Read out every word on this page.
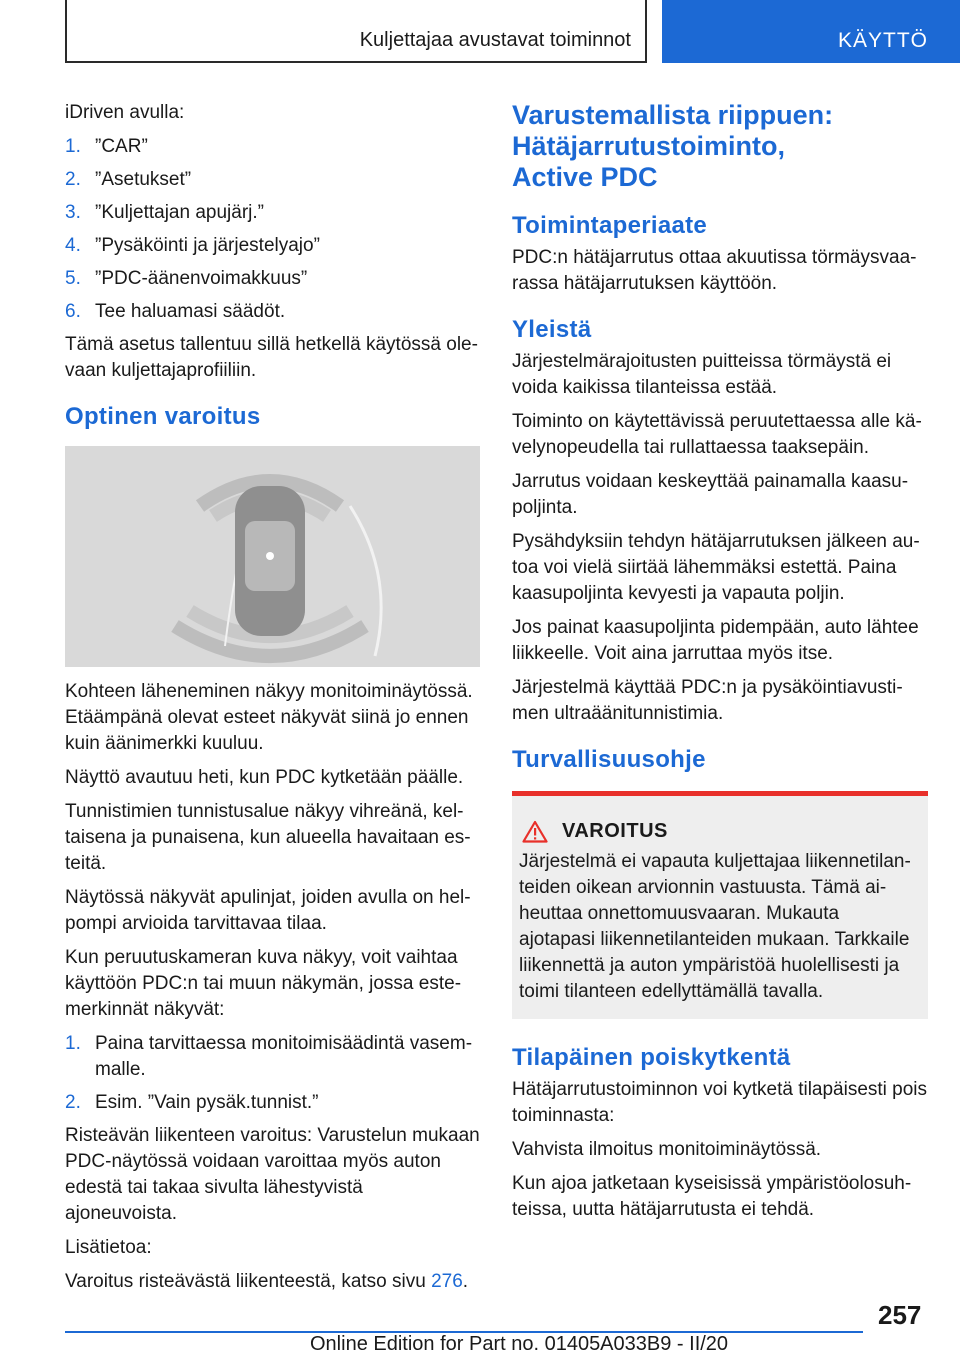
Kuljettajaa avustavat toiminnot	KÄYTTÖ

iDriven avulla:

1. ”CAR”
2. ”Asetukset”
3. ”Kuljettajan apujärj.”
4. ”Pysäköinti ja järjestelyajo”
5. ”PDC-äänenvoimakkuus”
6. Tee haluamasi säädöt.

Tämä asetus tallentuu sillä hetkellä käytössä olevaan kuljettajaprofiiliin.

Optinen varoitus

Kohteen läheneminen näkyy monitoiminäytössä. Etäämpänä olevat esteet näkyvät siinä jo ennen kuin äänimerkki kuuluu.

Näyttö avautuu heti, kun PDC kytketään päälle.

Tunnistimien tunnistusalue näkyy vihreänä, keltaisena ja punaisena, kun alueella havaitaan esteitä.

Näytössä näkyvät apulinjat, joiden avulla on helpompi arvioida tarvittavaa tilaa.

Kun peruutuskameran kuva näkyy, voit vaihtaa käyttöön PDC:n tai muun näkymän, jossa estemerkinnät näkyvät:

1. Paina tarvittaessa monitoimisäädintä vasemmalle.
2. Esim. ”Vain pysäk.tunnist.”

Risteävän liikenteen varoitus: Varustelun mukaan PDC-näytössä voidaan varoittaa myös auton edestä tai takaa sivulta lähestyvistä ajoneuvoista.

Lisätietoa:

Varoitus risteävästä liikenteestä, katso sivu 276.

Varustemallista riippuen:
Hätäjarrutustoiminto,
Active PDC
Toimintaperiaate

PDC:n hätäjarrutus ottaa akuutissa törmäysvaarassa hätäjarrutuksen käyttöön.

Yleistä

Järjestelmärajoitusten puitteissa törmäystä ei voida kaikissa tilanteissa estää.

Toiminto on käytettävissä peruutettaessa alle kävelynopeudella tai rullattaessa taaksepäin.

Jarrutus voidaan keskeyttää painamalla kaasupoljinta.

Pysähdyksiin tehdyn hätäjarrutuksen jälkeen autoa voi vielä siirtää lähemmäksi estettä. Paina kaasupoljinta kevyesti ja vapauta poljin.

Jos painat kaasupoljinta pidempään, auto lähtee liikkeelle. Voit aina jarruttaa myös itse.

Järjestelmä käyttää PDC:n ja pysäköintiavustimen ultraäänitunnistimia.

Turvallisuusohje
VAROITUS

Järjestelmä ei vapauta kuljettajaa liikennetilanteiden oikean arvionnin vastuusta. Tämä aiheuttaa onnettomuusvaaran. Mukauta ajotapasi liikennetilanteiden mukaan. Tarkkaile liikennettä ja auton ympäristöä huolellisesti ja toimi tilanteen edellyttämällä tavalla.

Tilapäinen poiskytkentä

Hätäjarrutustoiminnon voi kytketä tilapäisesti pois toiminnasta:

Vahvista ilmoitus monitoiminäytössä.

Kun ajoa jatketaan kyseisissä ympäristöolosuhteissa, uutta hätäjarrutusta ei tehdä.

257
Online Edition for Part no. 01405A033B9 - II/20
